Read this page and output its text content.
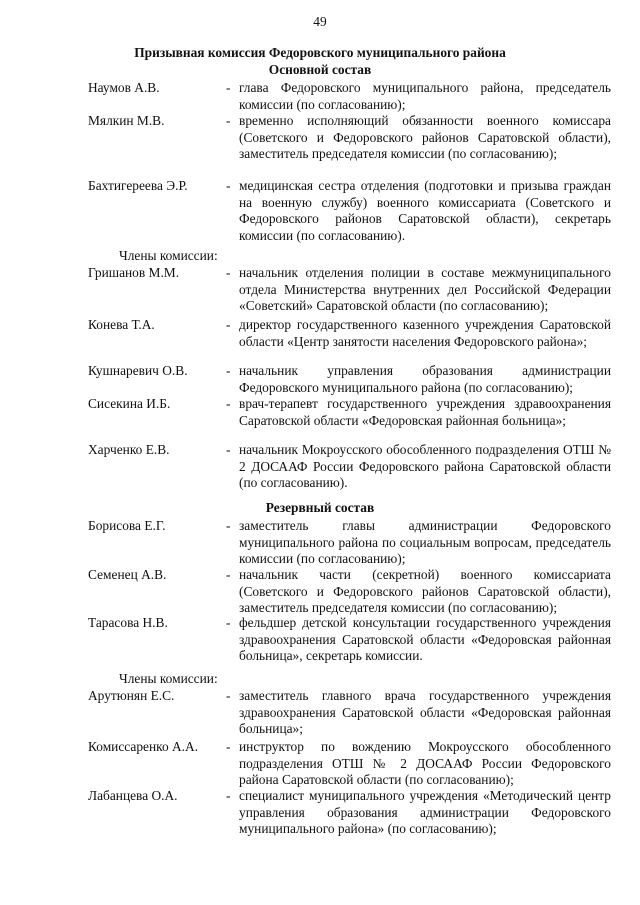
49
Призывная комиссия Федоровского муниципального района
Основной состав
Наумов А.В.	- глава Федоровского муниципального района, председатель комиссии (по согласованию);
Мялкин М.В.	- временно исполняющий обязанности военного комиссара (Советского и Федоровского районов Саратовской области), заместитель председателя комиссии (по согласованию);
Бахтигереева Э.Р.	- медицинская сестра отделения (подготовки и призыва граждан на военную службу) военного комиссариата (Советского и Федоровского районов Саратовской области), секретарь комиссии (по согласованию).
Члены комиссии:
Гришанов М.М.	- начальник отделения полиции в составе межмуниципального отдела Министерства внутренних дел Российской Федерации «Советский» Саратовской области (по согласованию);
Конева Т.А.	- директор государственного казенного учреждения Саратовской области «Центр занятости населения Федоровского района»;
Кушнаревич О.В.	- начальник управления образования администрации Федоровского муниципального района (по согласованию);
Сисекина И.Б.	- врач-терапевт государственного учреждения здравоохранения Саратовской области «Федоровская районная больница»;
Харченко Е.В.	- начальник Мокроусского обособленного подразделения ОТШ № 2 ДОСААФ России Федоровского района Саратовской области (по согласованию).
Резервный состав
Борисова Е.Г.	- заместитель главы администрации Федоровского муниципального района по социальным вопросам, председатель комиссии (по согласованию);
Семенец А.В.	- начальник части (секретной) военного комиссариата (Советского и Федоровского районов Саратовской области), заместитель председателя комиссии (по согласованию);
Тарасова Н.В.	- фельдшер детской консультации государственного учреждения здравоохранения Саратовской области «Федоровская районная больница», секретарь комиссии.
Члены комиссии:
Арутюнян Е.С.	- заместитель главного врача государственного учреждения здравоохранения Саратовской области «Федоровская районная больница»;
Комиссаренко А.А. - инструктор по вождению Мокроусского обособленного подразделения ОТШ № 2 ДОСААФ России Федоровского района Саратовской области (по согласованию);
Лабанцева О.А.	- специалист муниципального учреждения «Методический центр управления образования администрации Федоровского муниципального района» (по согласованию);
